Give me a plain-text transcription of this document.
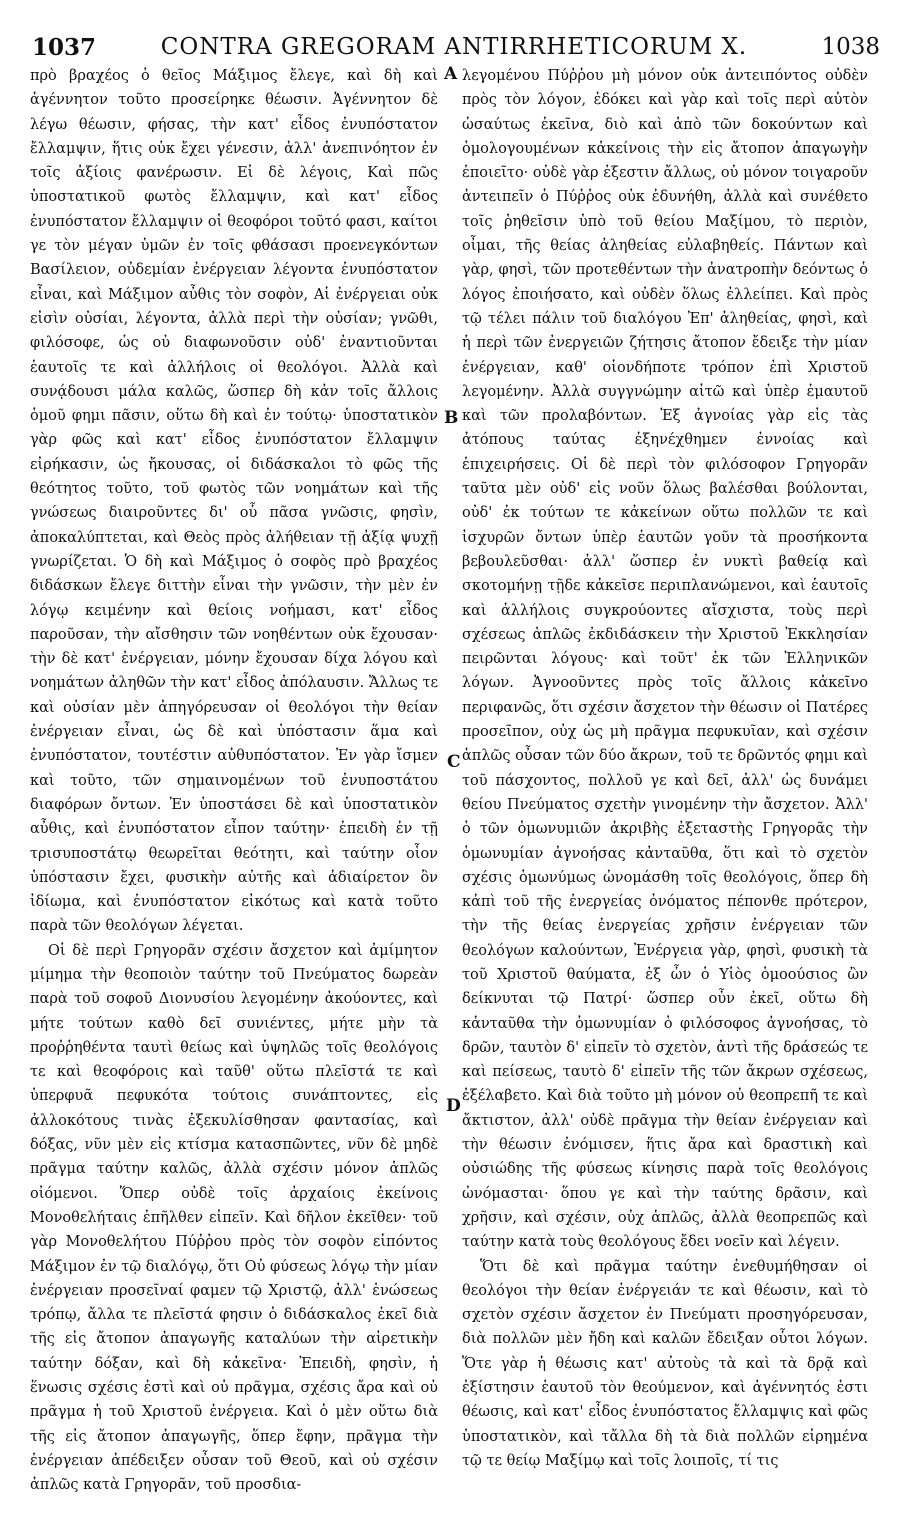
1037	CONTRA GREGORAM ANTIRRHETICORUM X.	1038

πρὸ βραχέος ὁ θεῖος Μάξιμος ἔλεγε, καὶ δὴ καὶ ἀγέννητον τοῦτο προσείρηκε θέωσιν. Ἀγέννητον δὲ λέγω θέωσιν, φήσας, τὴν κατ' εἶδος ἐνυπόστατον ἔλλαμψιν, ἥτις οὐκ ἔχει γένεσιν, ἀλλ' ἀνεπινόητον ἐν τοῖς ἀξίοις φανέρωσιν. Εἰ δὲ λέγοις, Καὶ πῶς ὑποστατικοῦ φωτὸς ἔλλαμψιν, καὶ κατ' εἶδος ἐνυπόστατον ἔλλαμψιν οἱ θεοφόροι τοῦτό φασι, καίτοι γε τὸν μέγαν ὑμῶν ἐν τοῖς φθάσασι προενεγκόντων Βασίλειον, οὐδεμίαν ἐνέργειαν λέγοντα ἐνυπόστατον εἶναι, καὶ Μάξιμον αὖθις τὸν σοφὸν, Αἱ ἐνέργειαι οὐκ εἰσὶν οὐσίαι, λέγοντα, ἀλλὰ περὶ τὴν οὐσίαν; γνῶθι, φιλόσοφε, ὡς οὐ διαφωνοῦσιν οὐδ' ἐναντιοῦνται ἑαυτοῖς τε καὶ ἀλλήλοις οἱ θεολόγοι. Ἀλλὰ καὶ συνᾴδουσι μάλα καλῶς, ὥσπερ δὴ κἀν τοῖς ἄλλοις ὁμοῦ φημι πᾶσιν, οὕτω δὴ καὶ ἐν τούτῳ· ὑποστατικὸν γὰρ φῶς καὶ κατ' εἶδος ἐνυπόστατον ἔλλαμψιν εἰρήκασιν, ὡς ἤκουσας, οἱ διδάσκαλοι τὸ φῶς τῆς θεότητος τοῦτο, τοῦ φωτὸς τῶν νοημάτων καὶ τῆς γνώσεως διαιροῦντες δι' οὗ πᾶσα γνῶσις, φησὶν, ἀποκαλύπτεται, καὶ Θεὸς πρὸς ἀλήθειαν τῇ ἀξίᾳ ψυχῇ γνωρίζεται. Ὁ δὴ καὶ Μάξιμος ὁ σοφὸς πρὸ βραχέος διδάσκων ἔλεγε διττὴν εἶναι τὴν γνῶσιν, τὴν μὲν ἐν λόγῳ κειμένην καὶ θείοις νοήμασι, κατ' εἶδος παροῦσαν, τὴν αἴσθησιν τῶν νοηθέντων οὐκ ἔχουσαν· τὴν δὲ κατ' ἐνέργειαν, μόνην ἔχουσαν δίχα λόγου καὶ νοημάτων ἀληθῶν τὴν κατ' εἶδος ἀπόλαυσιν. Ἄλλως τε καὶ οὐσίαν μὲν ἀπηγόρευσαν οἱ θεολόγοι τὴν θείαν ἐνέργειαν εἶναι, ὡς δὲ καὶ ὑπόστασιν ἅμα καὶ ἐνυπόστατον, τουτέστιν αὐθυπόστατον. Ἐν γὰρ ἴσμεν καὶ τοῦτο, τῶν σημαινομένων τοῦ ἐνυποστάτου διαφόρων ὄντων. Ἐν ὑποστάσει δὲ καὶ ὑποστατικὸν αὖθις, καὶ ἐνυπόστατον εἶπον ταύτην· ἐπειδὴ ἐν τῇ τρισυποστάτῳ θεωρεῖται θεότητι, καὶ ταύτην οἷον ὑπόστασιν ἔχει, φυσικὴν αὐτῆς καὶ ἀδιαίρετον ὂν ἰδίωμα, καὶ ἐνυπόστατον εἰκότως καὶ κατὰ τοῦτο παρὰ τῶν θεολόγων λέγεται.

Οἱ δὲ περὶ Γρηγορᾶν σχέσιν ἄσχετον καὶ ἀμίμητον μίμημα τὴν θεοποιὸν ταύτην τοῦ Πνεύματος δωρεὰν παρὰ τοῦ σοφοῦ Διονυσίου λεγομένην ἀκούοντες, καὶ μήτε τούτων καθὸ δεῖ συνιέντες, μήτε μὴν τὰ προῤῥηθέντα ταυτὶ θείως καὶ ὑψηλῶς τοῖς θεολόγοις τε καὶ θεοφόροις καὶ ταῦθ' οὕτω πλεῖστά τε καὶ ὑπερφυᾶ πεφυκότα τούτοις συνάπτοντες, εἰς ἀλλοκότους τινὰς ἐξεκυλίσθησαν φαντασίας, καὶ δόξας, νῦν μὲν εἰς κτίσμα κατασπῶντες, νῦν δὲ μηδὲ πρᾶγμα ταύτην καλῶς, ἀλλὰ σχέσιν μόνον ἁπλῶς οἰόμενοι. Ὅπερ οὐδὲ τοῖς ἀρχαίοις ἐκείνοις Μονοθελήταις ἐπῆλθεν εἰπεῖν. Καὶ δῆλον ἐκεῖθεν· τοῦ γὰρ Μονοθελήτου Πύῤῥου πρὸς τὸν σοφὸν εἰπόντος Μάξιμον ἐν τῷ διαλόγῳ, ὅτι Οὐ φύσεως λόγῳ τὴν μίαν ἐνέργειαν προσεῖναί φαμεν τῷ Χριστῷ, ἀλλ' ἑνώσεως τρόπῳ, ἄλλα τε πλεῖστά φησιν ὁ διδάσκαλος ἐκεῖ διὰ τῆς εἰς ἄτοπον ἀπαγωγῆς καταλύων τὴν αἱρετικὴν ταύτην δόξαν, καὶ δὴ κἀκεῖνα· Ἐπειδὴ, φησὶν, ἡ ἕνωσις σχέσις ἐστὶ καὶ οὐ πρᾶγμα, σχέσις ἄρα καὶ οὐ πρᾶγμα ἡ τοῦ Χριστοῦ ἐνέργεια. Καὶ ὁ μὲν οὕτω διὰ τῆς εἰς ἄτοπον ἀπαγωγῆς, ὅπερ ἔφην, πρᾶγμα τὴν ἐνέργειαν ἀπέδειξεν οὖσαν τοῦ Θεοῦ, καὶ οὐ σχέσιν ἁπλῶς κατὰ Γρηγορᾶν, τοῦ προσδια-

A
B
C
D

λεγομένου Πύῤῥου μὴ μόνον οὐκ ἀντειπόντος οὐδὲν πρὸς τὸν λόγον, ἐδόκει καὶ γὰρ καὶ τοῖς περὶ αὐτὸν ὡσαύτως ἐκεῖνα, διὸ καὶ ἀπὸ τῶν δοκούντων καὶ ὁμολογουμένων κἀκείνοις τὴν εἰς ἄτοπον ἀπαγωγὴν ἐποιεῖτο· οὐδὲ γὰρ ἐξεστιν ἄλλως, οὐ μόνον τοιγαροῦν ἀντειπεῖν ὁ Πύῤῥος οὐκ ἐδυνήθη, ἀλλὰ καὶ συνέθετο τοῖς ῥηθεῖσιν ὑπὸ τοῦ θείου Μαξίμου, τὸ περιὸν, οἶμαι, τῆς θείας ἀληθείας εὐλαβηθείς. Πάντων καὶ γὰρ, φησὶ, τῶν προτεθέντων τὴν ἀνατροπὴν δεόντως ὁ λόγος ἐποιήσατο, καὶ οὐδὲν ὅλως ἐλλείπει. Καὶ πρὸς τῷ τέλει πάλιν τοῦ διαλόγου Ἐπ' ἀληθείας, φησὶ, καὶ ἡ περὶ τῶν ἐνεργειῶν ζήτησις ἄτοπον ἔδειξε τὴν μίαν ἐνέργειαν, καθ' οἱονδήποτε τρόπον ἐπὶ Χριστοῦ λεγομένην. Ἀλλὰ συγγνώμην αἰτῶ καὶ ὑπὲρ ἐμαυτοῦ καὶ τῶν προλαβόντων. Ἐξ ἀγνοίας γὰρ εἰς τὰς ἀτόπους ταύτας ἐξηνέχθημεν ἐννοίας καὶ ἐπιχειρήσεις. Οἱ δὲ περὶ τὸν φιλόσοφον Γρηγορᾶν ταῦτα μὲν οὐδ' εἰς νοῦν ὅλως βαλέσθαι βούλονται, οὐδ' ἐκ τούτων τε κἀκείνων οὕτω πολλῶν τε καὶ ἰσχυρῶν ὄντων ὑπὲρ ἑαυτῶν γοῦν τὰ προσήκοντα βεβουλεῦσθαι· ἀλλ' ὥσπερ ἐν νυκτὶ βαθείᾳ καὶ σκοτομήνῃ τῇδε κἀκεῖσε περιπλανώμενοι, καὶ ἑαυτοῖς καὶ ἀλλήλοις συγκρούοντες αἴσχιστα, τοὺς περὶ σχέσεως ἁπλῶς ἐκδιδάσκειν τὴν Χριστοῦ Ἐκκλησίαν πειρῶνται λόγους· καὶ τοῦτ' ἐκ τῶν Ἑλληνικῶν λόγων. Ἀγνοοῦντες πρὸς τοῖς ἄλλοις κἀκεῖνο περιφανῶς, ὅτι σχέσιν ἄσχετον τὴν θέωσιν οἱ Πατέρες προσεῖπον, οὐχ ὡς μὴ πρᾶγμα πεφυκυῖαν, καὶ σχέσιν ἁπλῶς οὖσαν τῶν δύο ἄκρων, τοῦ τε δρῶντός φημι καὶ τοῦ πάσχοντος, πολλοῦ γε καὶ δεῖ, ἀλλ' ὡς δυνάμει θείου Πνεύματος σχετὴν γινομένην τὴν ἄσχετον. Ἀλλ' ὁ τῶν ὁμωνυμιῶν ἀκριβὴς ἐξεταστὴς Γρηγορᾶς τὴν ὁμωνυμίαν ἀγνοήσας κἀνταῦθα, ὅτι καὶ τὸ σχετὸν σχέσις ὁμωνύμως ὠνομάσθη τοῖς θεολόγοις, ὅπερ δὴ κἀπὶ τοῦ τῆς ἐνεργείας ὀνόματος πέπονθε πρότερον, τὴν τῆς θείας ἐνεργείας χρῆσιν ἐνέργειαν τῶν θεολόγων καλούντων, Ἐνέργεια γὰρ, φησὶ, φυσικὴ τὰ τοῦ Χριστοῦ θαύματα, ἐξ ὧν ὁ Υἱὸς ὁμοούσιος ὢν δείκνυται τῷ Πατρί· ὥσπερ οὖν ἐκεῖ, οὕτω δὴ κἀνταῦθα τὴν ὁμωνυμίαν ὁ φιλόσοφος ἀγνοήσας, τὸ δρῶν, ταυτὸν δ' εἰπεῖν τὸ σχετὸν, ἀντὶ τῆς δράσεώς τε καὶ πείσεως, ταυτὸ δ' εἰπεῖν τῆς τῶν ἄκρων σχέσεως, ἐξέλαβετο. Καὶ διὰ τοῦτο μὴ μόνον οὐ θεοπρεπῆ τε καὶ ἄκτιστον, ἀλλ' οὐδὲ πρᾶγμα τὴν θείαν ἐνέργειαν καὶ τὴν θέωσιν ἐνόμισεν, ἥτις ἄρα καὶ δραστικὴ καὶ οὐσιώδης τῆς φύσεως κίνησις παρὰ τοῖς θεολόγοις ὠνόμασται· ὅπου γε καὶ τὴν ταύτης δρᾶσιν, καὶ χρῆσιν, καὶ σχέσιν, οὐχ ἁπλῶς, ἀλλὰ θεοπρεπῶς καὶ ταύτην κατὰ τοὺς θεολόγους ἔδει νοεῖν καὶ λέγειν.

Ὅτι δὲ καὶ πρᾶγμα ταύτην ἐνεθυμήθησαν οἱ θεολόγοι τὴν θείαν ἐνέργειάν τε καὶ θέωσιν, καὶ τὸ σχετὸν σχέσιν ἄσχετον ἐν Πνεύματι προσηγόρευσαν, διὰ πολλῶν μὲν ἤδη καὶ καλῶν ἔδειξαν οὗτοι λόγων. Ὅτε γὰρ ἡ θέωσις κατ' αὐτοὺς τὰ καὶ τὰ δρᾷ καὶ ἐξίστησιν ἑαυτοῦ τὸν θεούμενον, καὶ ἀγέννητός ἐστι θέωσις, καὶ κατ' εἶδος ἐνυπόστατος ἔλλαμψις καὶ φῶς ὑποστατικὸν, καὶ τἄλλα δὴ τὰ διὰ πολλῶν εἰρημένα τῷ τε θείῳ Μαξίμῳ καὶ τοῖς λοιποῖς, τί τις
